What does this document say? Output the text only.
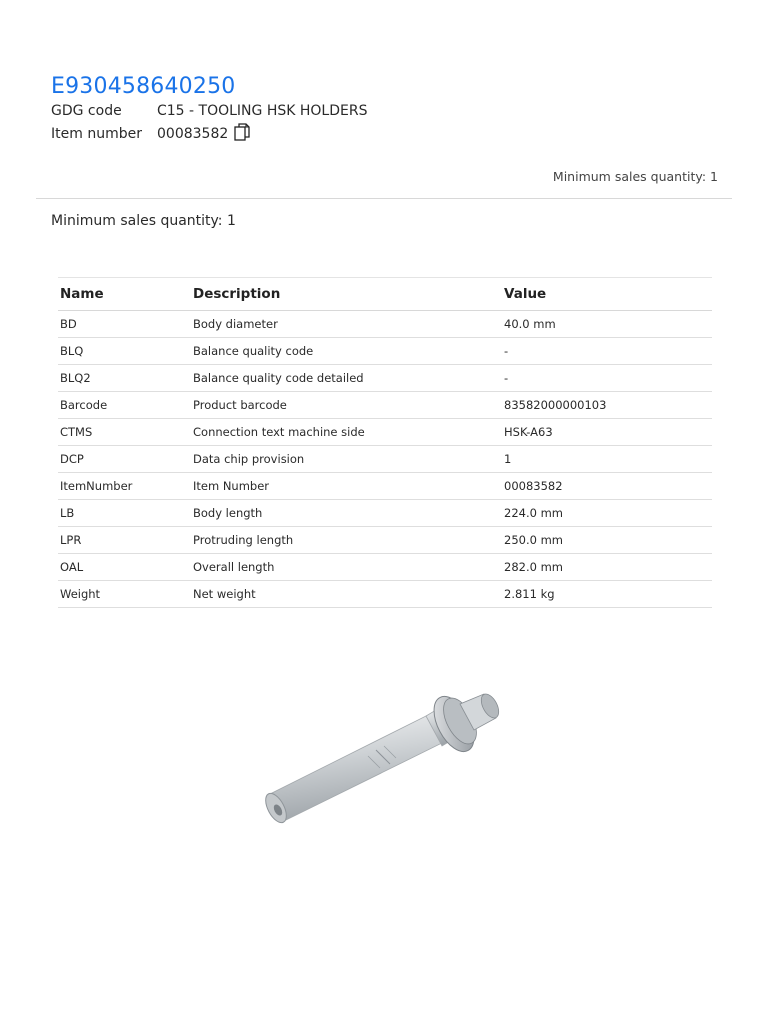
E930458640250
GDG code	C15 - TOOLING HSK HOLDERS
Item number 00083582
Minimum sales quantity: 1
Minimum sales quantity: 1
Name	Description	Value
BD	Body diameter	40.0 mm
BLQ	Balance quality code	-
BLQ2	Balance quality code detailed	-
Barcode	Product barcode	83582000000103
CTMS	Connection text machine side	HSK-A63
DCP	Data chip provision	1
ItemNumber	Item Number	00083582
LB	Body length	224.0 mm
LPR	Protruding length	250.0 mm
OAL	Overall length	282.0 mm
Weight	Net weight	2.811 kg
